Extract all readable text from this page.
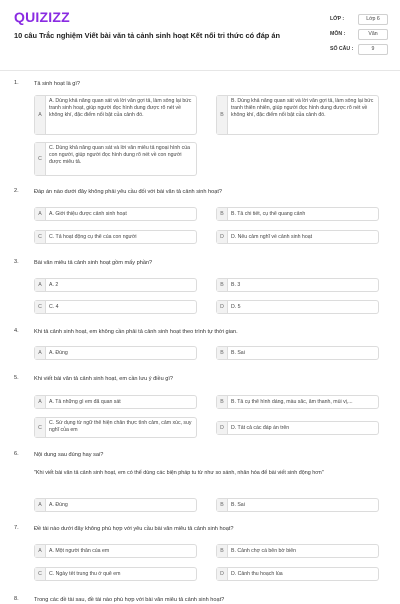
QUIZIZZ
10 câu Trắc nghiệm Viết bài văn tả cảnh sinh hoạt Kết nối tri thức có đáp án
LỚP :	Lớp 6
MÔN :	Văn
SỐ CÂU :	9
1.	Tả sinh hoạt là gì?
A
A. Dùng khả năng quan sát và lời văn gợi tả, làm sống lại bức tranh sinh hoạt, giúp người đọc hình dung được rõ nét về không khí, đặc điểm nổi bật của cảnh đó.	B
B. Dùng khả năng quan sát và lời văn gợi tả, làm sống lại bức tranh thiên nhiên, giúp người đọc hình dung được rõ nét về không khí, đặc điểm nổi bật của cảnh đó.
C
C. Dùng khả năng quan sát và lời văn miêu tả ngoại hình của con người, giúp người đọc hình dung rõ nét về con người được miêu tả.
2.	Đáp án nào dưới đây không phải yêu cầu đối với bài văn tả cảnh sinh hoạt?
A	A. Giới thiệu được cảnh sinh hoạt	B	B. Tả chi tiết, cụ thể quang cảnh
C	C. Tả hoạt động cụ thể của con người	D	D. Nêu cảm nghĩ về cảnh sinh hoạt
3.	Bài văn miêu tả cảnh sinh hoạt gồm mấy phần?
A	A. 2	B	B. 3
C	C. 4	D	D. 5
4.	Khi tả cảnh sinh hoạt, em không cần phải tả cảnh sinh hoạt theo trình tự thời gian.
A	A. Đúng	B	B. Sai
5.	Khi viết bài văn tả cảnh sinh hoạt, em cần lưu ý điều gì?
A	A. Tả những gì em đã quan sát	B	B. Tả cụ thể hình dáng, màu sắc, âm thanh, mùi vị,...
C
C. Sử dụng từ ngữ thể hiện chân thực tình cảm, cảm xúc, suy nghĩ của em	D	D. Tất cả các đáp án trên
6.	Nội dung sau đúng hay sai?
"Khi viết bài văn tả cảnh sinh hoạt, em có thể dùng các biện pháp tu từ như so sánh, nhân hóa để bài viết sinh động hơn"
A	A. Đúng	B	B. Sai
7.	Đề tài nào dưới đây không phù hợp với yêu cầu bài văn miêu tả cảnh sinh hoạt?
A	A. Một người thân của em	B	B. Cảnh chợ cá bên bờ biển
C	C. Ngày tết trung thu ở quê em	D	D. Cảnh thu hoạch lúa
8.	Trong các đề tài sau, đề tài nào phù hợp với bài văn miêu tả cảnh sinh hoạt?
